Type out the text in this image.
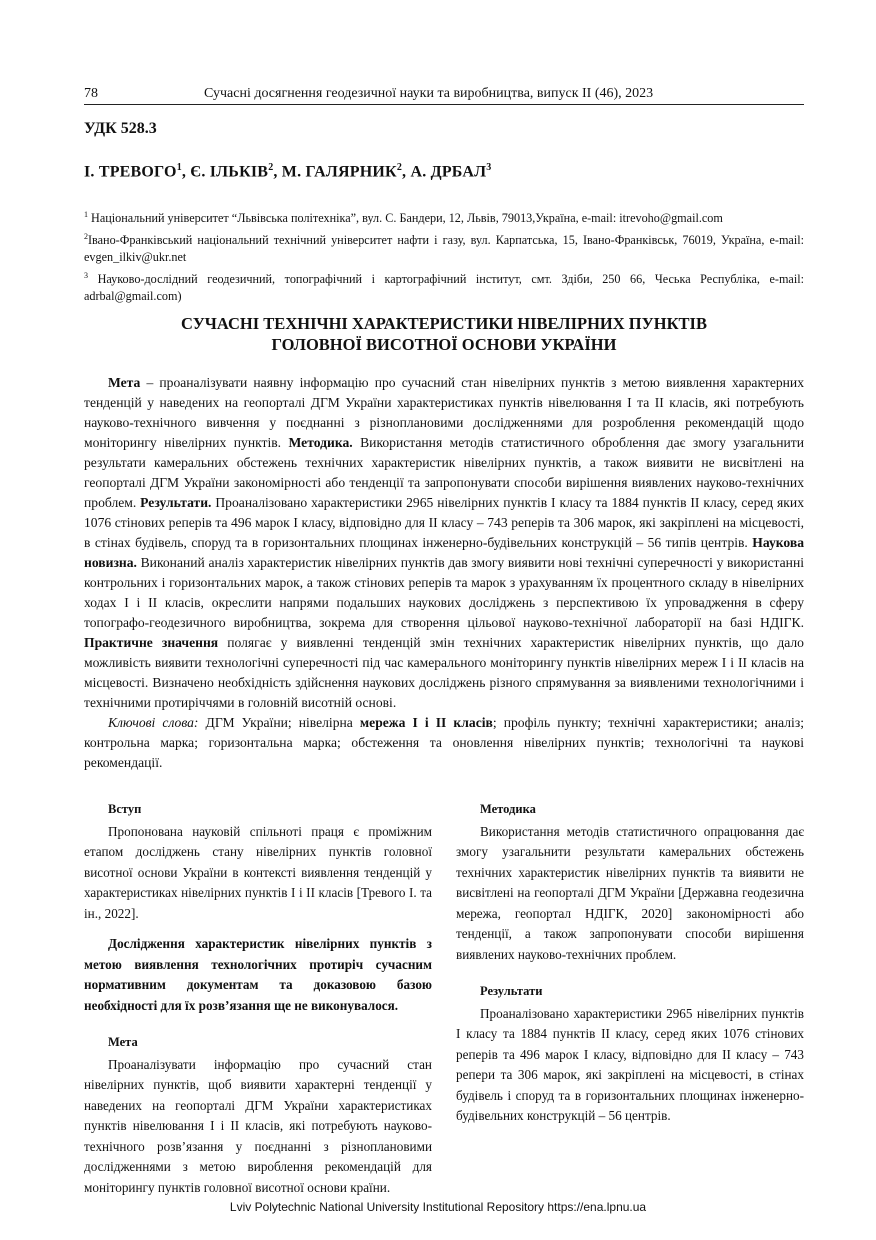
78	Сучасні досягнення геодезичної науки та виробництва, випуск ІІ (46), 2023
УДК 528.3
І. ТРЕВОГО$^1$, Є. ІЛЬКІВ$^2$, М. ГАЛЯРНИК$^2$, А. ДРБАЛ$^3$

$^1$ Національний університет “Львівська політехніка”, вул. С. Бандери, 12, Львів, 79013,Україна, e-mail: itrevoho@gmail.com

$^2$Івано-Франківський національний технічний університет нафти і газу, вул. Карпатська, 15, Івано-Франківськ, 76019, Україна, e-mail: evgen_ilkiv@ukr.net

$^3$ Науково-дослідний геодезичний, топографічний і картографічний інститут, смт. Здіби, 250 66, Чеська Республіка, e-mail: adrbal@gmail.com)

СУЧАСНІ ТЕХНІЧНІ ХАРАКТЕРИСТИКИ НІВЕЛІРНИХ ПУНКТІВ
ГОЛОВНОЇ ВИСОТНОЇ ОСНОВИ УКРАЇНИ

Мета – проаналізувати наявну інформацію про сучасний стан нівелірних пунктів з метою виявлення характерних тенденцій у наведених на геопорталі ДГМ України характеристиках пунктів нівелювання І та ІІ класів, які потребують науково-технічного вивчення у поєднанні з різноплановими дослідженнями для розроблення рекомендацій щодо моніторингу нівелірних пунктів. Методика. Використання методів статистичного оброблення дає змогу узагальнити результати камеральних обстежень технічних характеристик нівелірних пунктів, а також виявити не висвітлені на геопорталі ДГМ України закономірності або тенденції та запропонувати способи вирішення виявлених науково-технічних проблем. Результати. Проаналізовано характеристики 2965 нівелірних пунктів І класу та 1884 пунктів ІІ класу, серед яких 1076 стінових реперів та 496 марок І класу, відповідно для ІІ класу – 743 реперів та 306 марок, які закріплені на місцевості, в стінах будівель, споруд та в горизонтальних площинах інженерно-будівельних конструкцій – 56 типів центрів. Наукова новизна. Виконаний аналіз характеристик нівелірних пунктів дав змогу виявити нові технічні суперечності у використанні контрольних і горизонтальних марок, а також стінових реперів та марок з урахуванням їх процентного складу в нівелірних ходах І і ІІ класів, окреслити напрями подальших наукових досліджень з перспективою їх упровадження в сферу топографо-геодезичного виробництва, зокрема для створення цільової науково-технічної лабораторії на базі НДІГК. Практичне значення полягає у виявленні тенденцій змін технічних характеристик нівелірних пунктів, що дало можливість виявити технологічні суперечності під час камерального моніторингу пунктів нівелірних мереж І і ІІ класів на місцевості. Визначено необхідність здійснення наукових досліджень різного спрямування за виявленими технологічними і технічними протиріччями в головній висотній основі.

Ключові слова: ДГМ України; нівелірна мережа І і ІІ класів; профіль пункту; технічні характеристики; аналіз; контрольна марка; горизонтальна марка; обстеження та оновлення нівелірних пунктів; технологічні та наукові рекомендації.

Вступ

Пропонована науковій спільноті праця є проміжним етапом досліджень стану нівелірних пунктів головної висотної основи України в контексті виявлення тенденцій у характеристиках нівелірних пунктів І і ІІ класів [Тревого І. та ін., 2022].

Дослідження характеристик нівелірних пунктів з метою виявлення технологічних протиріч сучасним нормативним документам та доказовою базою необхідності для їх розв’язання ще не виконувалося.

Мета

Проаналізувати інформацію про сучасний стан нівелірних пунктів, щоб виявити характерні тенденції у наведених на геопорталі ДГМ України характеристиках пунктів нівелювання І і ІІ класів, які потребують науково-технічного розв’язання у поєднанні з різноплановими дослідженнями з метою вироблення рекомендацій для моніторингу пунктів головної висотної основи країни.

Методика

Використання методів статистичного опрацювання дає змогу узагальнити результати камеральних обстежень технічних характеристик нівелірних пунктів та виявити не висвітлені на геопорталі ДГМ України [Державна геодезична мережа, геопортал НДІГК, 2020] закономірності або тенденції, а також запропонувати способи вирішення виявлених науково-технічних проблем.

Результати

Проаналізовано характеристики 2965 нівелірних пунктів І класу та 1884 пунктів ІІ класу, серед яких 1076 стінових реперів та 496 марок І класу, відповідно для ІІ класу – 743 репери та 306 марок, які закріплені на місцевості, в стінах будівель і споруд та в горизонтальних площинах інженерно-будівельних конструкцій – 56 центрів.

Lviv Polytechnic National University Institutional Repository https://ena.lpnu.ua
